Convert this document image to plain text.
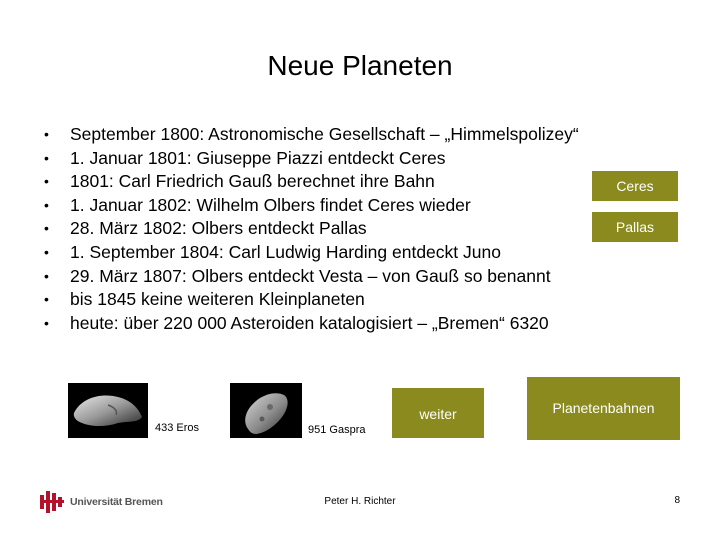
Neue Planeten
• September 1800: Astronomische Gesellschaft – „Himmelspolizey“
• 1. Januar 1801: Giuseppe Piazzi entdeckt Ceres
• 1801: Carl Friedrich Gauß berechnet ihre Bahn
• 1. Januar 1802: Wilhelm Olbers findet Ceres wieder
• 28. März 1802: Olbers entdeckt Pallas
• 1. September 1804: Carl Ludwig Harding entdeckt Juno
• 29. März 1807: Olbers entdeckt Vesta – von Gauß so benannt
• bis 1845 keine weiteren Kleinplaneten
• heute: über 220 000 Asteroiden katalogisiert – „Bremen“ 6320
Ceres
Pallas
433 Eros	951 Gaspra
weiter	Planetenbahnen
Universität Bremen	Peter H. Richter	8
